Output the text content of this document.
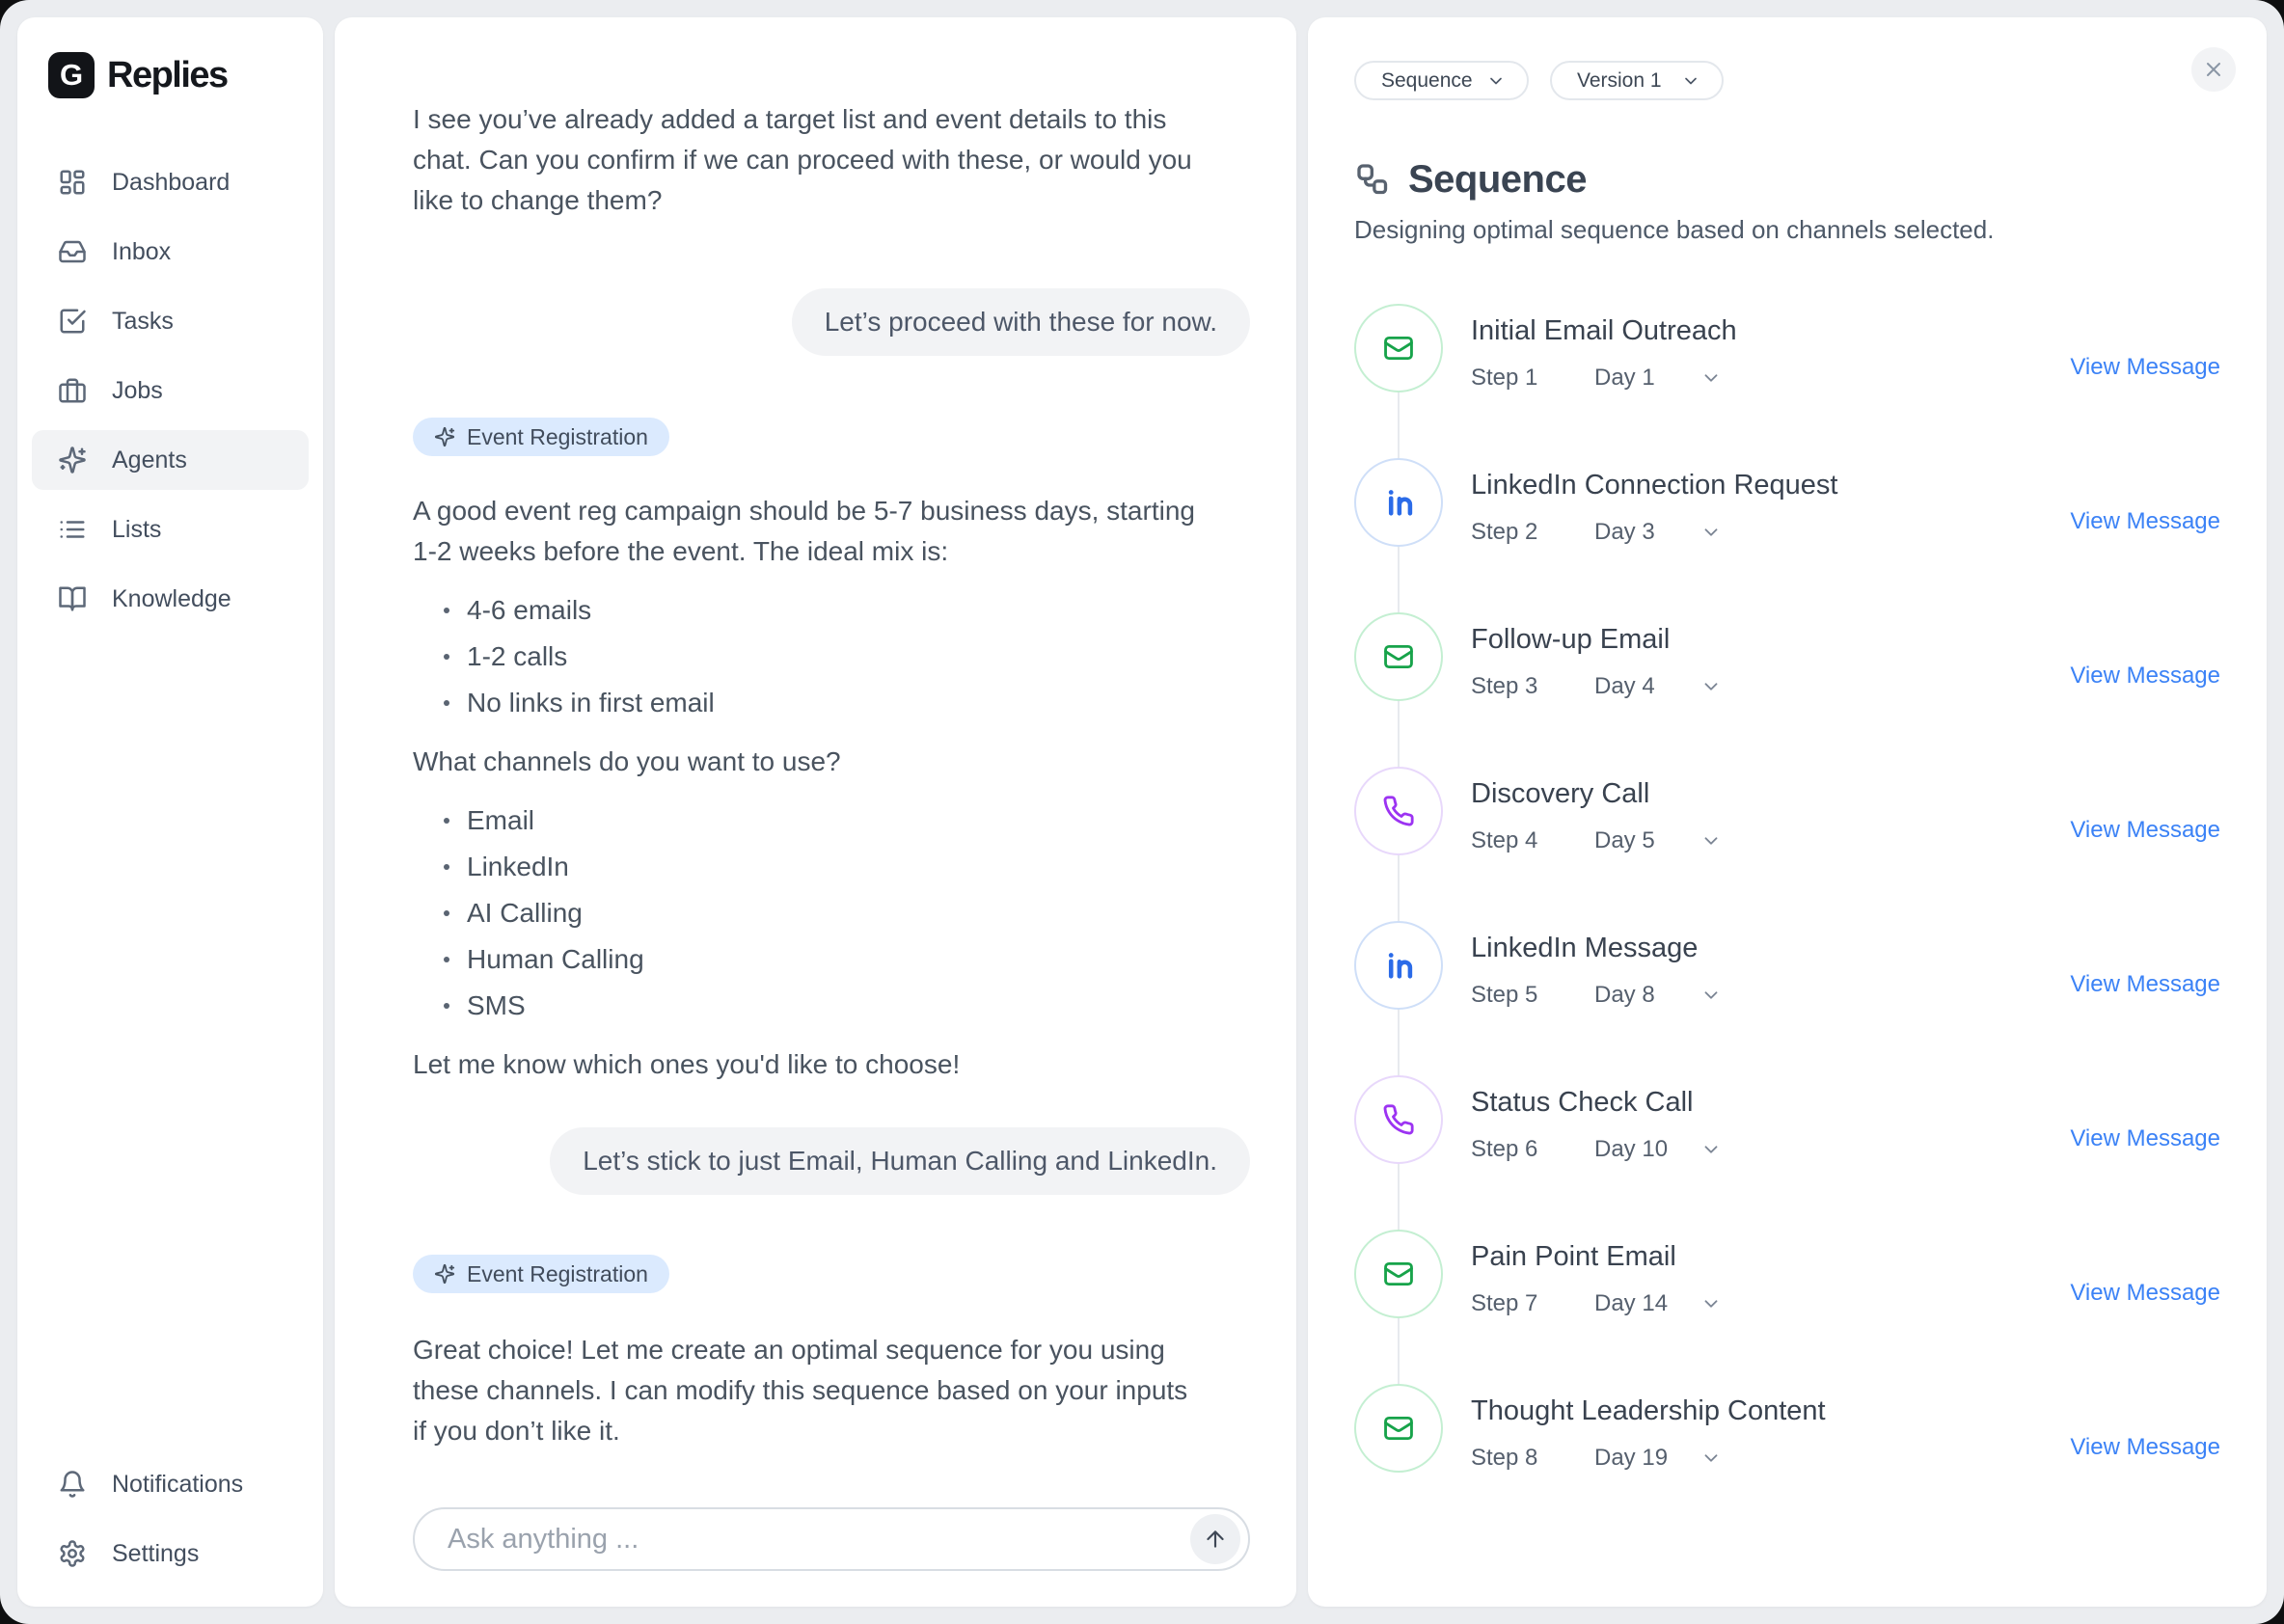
G Replies
Dashboard
Inbox
Tasks
Jobs
Agents
Lists
Knowledge
Notifications
Settings

I see you’ve already added a target list and event details to this chat. Can you confirm if we can proceed with these, or would you like to change them?

Let’s proceed with these for now.
Event Registration

A good event reg campaign should be 5-7 business days, starting 1-2 weeks before the event. The ideal mix is:

4-6 emails
1-2 calls
No links in first email

What channels do you want to use?

Email
LinkedIn
AI Calling
Human Calling
SMS

Let me know which ones you'd like to choose!

Let’s stick to just Email, Human Calling and LinkedIn.
Event Registration

Great choice! Let me create an optimal sequence for you using these channels. I can modify this sequence based on your inputs if you don’t like it.

Ask anything ...
Sequence	Version 1
Sequence
Designing optimal sequence based on channels selected.
Initial Email Outreach
Step 1	Day 1	View Message
LinkedIn Connection Request
Step 2	Day 3	View Message
Follow-up Email
Step 3	Day 4	View Message
Discovery Call
Step 4	Day 5	View Message
LinkedIn Message
Step 5	Day 8	View Message
Status Check Call
Step 6	Day 10	View Message
Pain Point Email
Step 7	Day 14	View Message
Thought Leadership Content
Step 8	Day 19	View Message
